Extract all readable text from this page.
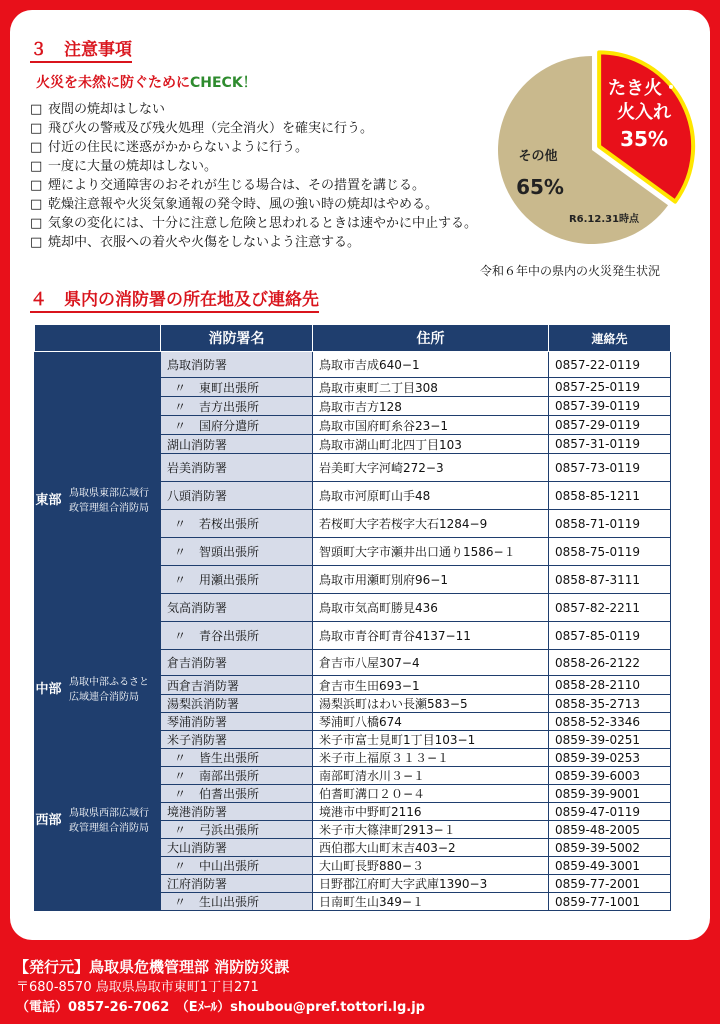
３　注意事項
火災を未然に防ぐためにCHECK！
□ 夜間の焼却はしない
□ 飛び火の警戒及び残火処理（完全消火）を確実に行う。
□ 付近の住民に迷惑がかからないように行う。
□ 一度に大量の焼却はしない。
□ 煙により交通障害のおそれが生じる場合は、その措置を講じる。
□ 乾燥注意報や火災気象通報の発令時、風の強い時の焼却はやめる。
□ 気象の変化には、十分に注意し危険と思われるときは速やかに中止する。
□ 焼却中、衣服への着火や火傷をしないよう注意する。
たき火・
火入れ
35%
その他
65%
R6.12.31時点
令和６年中の県内の火災発生状況
４　県内の消防署の所在地及び連絡先
		消防署名	住所	連絡先
東部	鳥取県東部広域行政管理組合消防局	鳥取消防署	鳥取市吉成640−1	0857-22-0119
		〃 東町出張所	鳥取市東町二丁目308	0857-25-0119
		〃 吉方出張所	鳥取市吉方128	0857-39-0119
		〃 国府分遣所	鳥取市国府町糸谷23−1	0857-29-0119
		湖山消防署	鳥取市湖山町北四丁目103	0857-31-0119
		岩美消防署	岩美町大字河崎272−3	0857-73-0119
		八頭消防署	鳥取市河原町山手48	0858-85-1211
		〃 若桜出張所	若桜町大字若桜字大石1284−9	0858-71-0119
		〃 智頭出張所	智頭町大字市瀬井出口通り1586−１	0858-75-0119
		〃 用瀬出張所	鳥取市用瀬町別府96−1	0858-87-3111
		気高消防署	鳥取市気高町勝見436	0857-82-2211
		〃 青谷出張所	鳥取市青谷町青谷4137−11	0857-85-0119
中部	鳥取中部ふるさと広域連合消防局	倉吉消防署	倉吉市八屋307−4	0858-26-2122
		西倉吉消防署	倉吉市生田693−1	0858-28-2110
		湯梨浜消防署	湯梨浜町はわい長瀬583−5	0858-35-2713
		琴浦消防署	琴浦町八橋674	0858-52-3346
西部	鳥取県西部広域行政管理組合消防局	米子消防署	米子市富士見町1丁目103−1	0859-39-0251
		〃 皆生出張所	米子市上福原３１３−１	0859-39-0253
		〃 南部出張所	南部町清水川３−１	0859-39-6003
		〃 伯耆出張所	伯耆町溝口２０−４	0859-39-9001
		境港消防署	境港市中野町2116	0859-47-0119
		〃 弓浜出張所	米子市大篠津町2913−１	0859-48-2005
		大山消防署	西伯郡大山町末吉403−2	0859-39-5002
		〃 中山出張所	大山町長野880−３	0859-49-3001
		江府消防署	日野郡江府町大字武庫1390−3	0859-77-2001
		〃 生山出張所	日南町生山349−１	0859-77-1001
【発行元】鳥取県危機管理部 消防防災課
〒680-8570 鳥取県鳥取市東町1丁目271
（電話）0857-26-7062　（Eﾒｰﾙ）shoubou@pref.tottori.lg.jp
